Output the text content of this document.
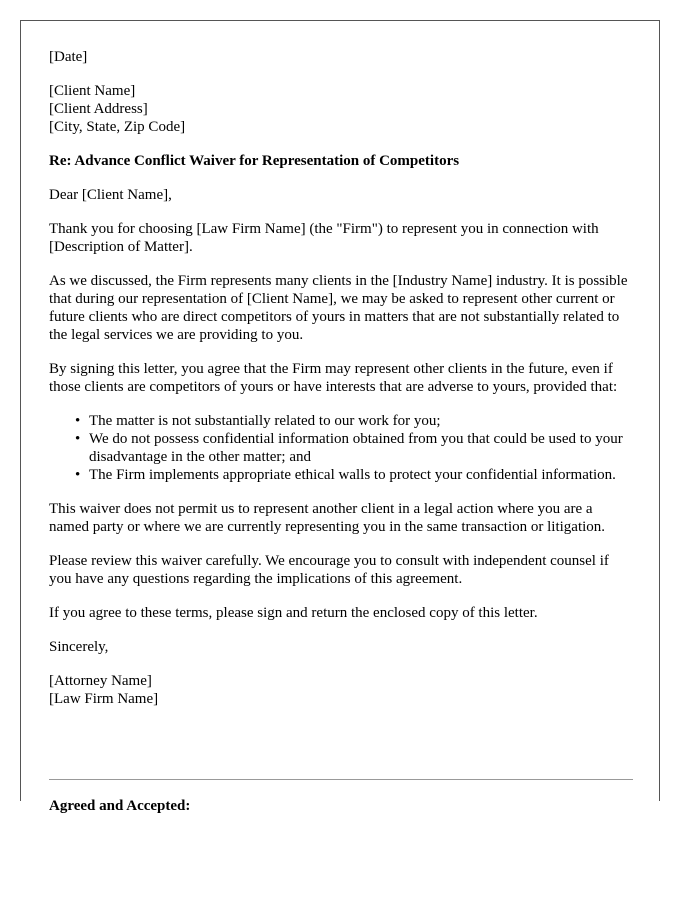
[Date]
[Client Name]
[Client Address]
[City, State, Zip Code]
Re: Advance Conflict Waiver for Representation of Competitors
Dear [Client Name],
Thank you for choosing [Law Firm Name] (the "Firm") to represent you in connection with [Description of Matter].
As we discussed, the Firm represents many clients in the [Industry Name] industry. It is possible that during our representation of [Client Name], we may be asked to represent other current or future clients who are direct competitors of yours in matters that are not substantially related to the legal services we are providing to you.
By signing this letter, you agree that the Firm may represent other clients in the future, even if those clients are competitors of yours or have interests that are adverse to yours, provided that:
• The matter is not substantially related to our work for you;
• We do not possess confidential information obtained from you that could be used to your disadvantage in the other matter; and
• The Firm implements appropriate ethical walls to protect your confidential information.
This waiver does not permit us to represent another client in a legal action where you are a named party or where we are currently representing you in the same transaction or litigation.
Please review this waiver carefully. We encourage you to consult with independent counsel if you have any questions regarding the implications of this agreement.
If you agree to these terms, please sign and return the enclosed copy of this letter.
Sincerely,
[Attorney Name]
[Law Firm Name]
Agreed and Accepted:
